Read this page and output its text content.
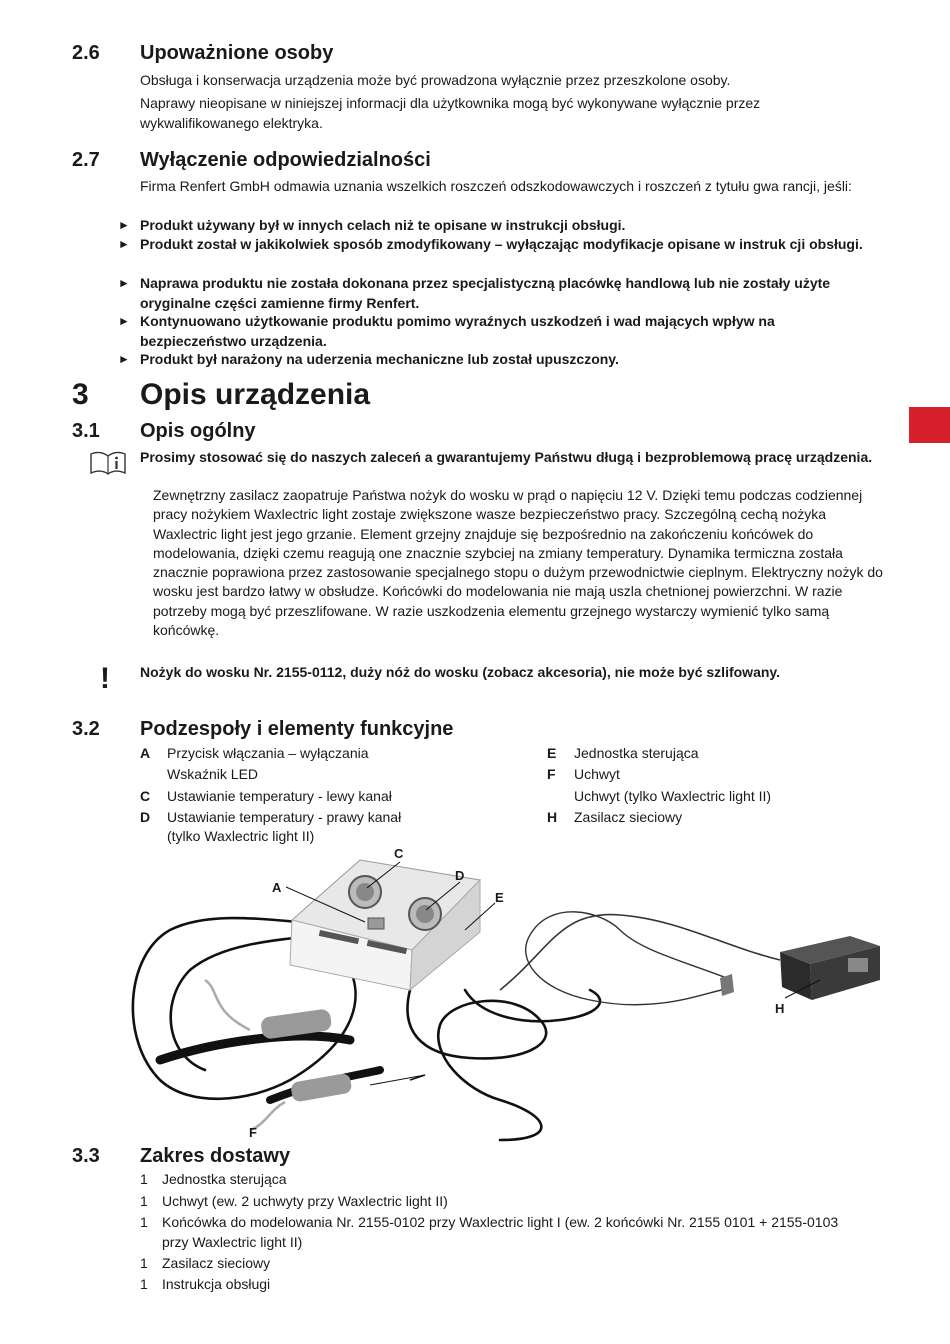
2.6 Upoważnione osoby

Obsługa i konserwacja urządzenia może być prowadzona wyłącznie przez przeszkolone osoby.

Naprawy nieopisane w niniejszej informacji dla użytkownika mogą być wykonywane wyłącznie przez wykwalifikowanego elektryka.

2.7 Wyłączenie odpowiedzialności

Firma Renfert GmbH odmawia uznania wszelkich roszczeń odszkodowawczych i roszczeń z tytułu gwa rancji, jeśli:

► Produkt używany był w innych celach niż te opisane w instrukcji obsługi.
► Produkt został w jakikolwiek sposób zmodyfikowany – wyłączając modyfikacje opisane w instruk cji obsługi.
► Naprawa produktu nie została dokonana przez specjalistyczną placówkę handlową lub nie zostały użyte oryginalne części zamienne firmy Renfert.
► Kontynuowano użytkowanie produktu pomimo wyraźnych uszkodzeń i wad mających wpływ na bezpieczeństwo urządzenia.
► Produkt był narażony na uderzenia mechaniczne lub został upuszczony.
3 Opis urządzenia
3.1 Opis ogólny

Prosimy stosować się do naszych zaleceń a gwarantujemy Państwu długą i bezproblemową pracę urządzenia.

Zewnętrzny zasilacz zaopatruje Państwa nożyk do wosku w prąd o napięciu 12 V. Dzięki temu podczas codziennej pracy nożykiem Waxlectric light zostaje zwiększone wasze bezpieczeństwo pracy. Szczególną cechą nożyka Waxlectric light jest jego grzanie. Element grzejny znajduje się bezpośrednio na zakończeniu końcówek do modelowania, dzięki czemu reagują one znacznie szybciej na zmiany temperatury. Dynamika termiczna została znacznie poprawiona przez zastosowanie specjalnego stopu o dużym przewodnictwie cieplnym. Elektryczny nożyk do wosku jest bardzo łatwy w obsłudze. Końcówki do modelowania nie mają uszla chetnionej powierzchni. W razie potrzeby mogą być przeszlifowane. W razie uszkodzenia elementu grzejnego wystarczy wymienić tylko samą końcówkę.

! Nożyk do wosku Nr. 2155-0112, duży nóż do wosku (zobacz akcesoria), nie może być szlifowany.

3.2 Podzespoły i elementy funkcyjne
A Przycisk włączania – wyłączania
Wskaźnik LED
C Ustawianie temperatury - lewy kanał
D Ustawianie temperatury - prawy kanał
(tylko Waxlectric light II)
E Jednostka sterująca
F Uchwyt
Uchwyt (tylko Waxlectric light II)
H Zasilacz sieciowy
A
C
D
E
H
F
3.3 Zakres dostawy
1 Jednostka sterująca
1 Uchwyt (ew. 2 uchwyty przy Waxlectric light II)
1 Końcówka do modelowania Nr. 2155-0102 przy Waxlectric light I (ew. 2 końcówki Nr. 2155 0101 + 2155-0103 przy Waxlectric light II)
1 Zasilacz sieciowy
1 Instrukcja obsługi
